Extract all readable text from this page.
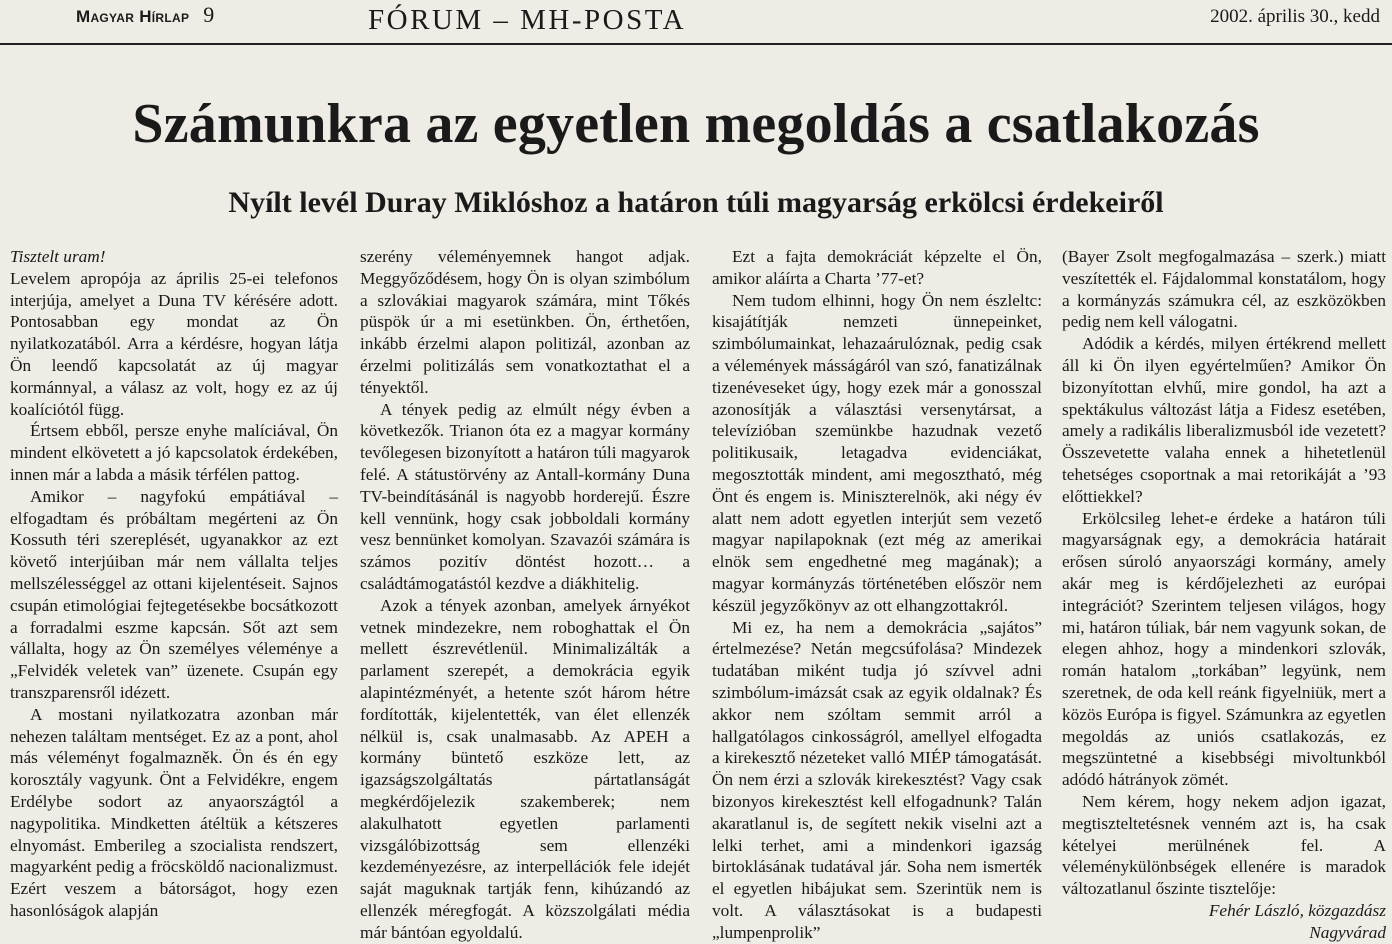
Magyar Hírlap 9	FÓRUM – MH-POSTA	2002. április 30., kedd
Számunkra az egyetlen megoldás a csatlakozás
Nyílt levél Duray Miklóshoz a határon túli magyarság erkölcsi érdekeiről

Tisztelt uram!

Levelem apropója az április 25-ei telefonos interjúja, amelyet a Duna TV kérésére adott. Pontosabban egy mondat az Ön nyilatkozatából. Arra a kérdésre, hogyan látja Ön leendő kapcsolatát az új magyar kormánnyal, a válasz az volt, hogy ez az új koalíciótól függ.

Értsem ebből, persze enyhe malíciával, Ön mindent elkövetett a jó kapcsolatok érdekében, innen már a labda a másik térfélen pattog.

Amikor – nagyfokú empátiával – elfogadtam és próbáltam megérteni az Ön Kossuth téri szereplését, ugyanakkor az ezt követő interjúiban már nem vállalta teljes mellszélességgel az ottani kijelentéseit. Sajnos csupán etimológiai fejtegetésekbe bocsátkozott a forradalmi eszme kapcsán. Sőt azt sem vállalta, hogy az Ön személyes véleménye a „Felvidék veletek van” üzenete. Csupán egy transzparensről idézett.

A mostani nyilatkozatra azonban már nehezen találtam mentséget. Ez az a pont, ahol más véleményt fogalmazněk. Ön és én egy korosztály vagyunk. Önt a Felvidékre, engem Erdélybe sodort az anyaországtól a nagypolitika. Mindketten átéltük a kétszeres elnyomást. Emberileg a szocialista rendszert, magyarként pedig a fröcsköldő nacionalizmust. Ezért veszem a bátorságot, hogy ezen hasonlóságok alapján

szerény véleményemnek hangot adjak. Meggyőződésem, hogy Ön is olyan szimbólum a szlovákiai magyarok számára, mint Tőkés püspök úr a mi esetünkben. Ön, érthetően, inkább érzelmi alapon politizál, azonban az érzelmi politizálás sem vonatkoztathat el a tényektől.

A tények pedig az elmúlt négy évben a következők. Trianon óta ez a magyar kormány tevőlegesen bizonyított a határon túli magyarok felé. A státustörvény az Antall-kormány Duna TV-beindításánál is nagyobb horderejű. Észre kell vennünk, hogy csak jobboldali kormány vesz bennünket komolyan. Szavazói számára is számos pozitív döntést hozott… a családtámogatástól kezdve a diákhitelig.

Azok a tények azonban, amelyek árnyékot vetnek mindezekre, nem roboghattak el Ön mellett észrevétlenül. Minimalizálták a parlament szerepét, a demokrácia egyik alapintézményét, a hetente szót három hétre fordították, kijelentették, van élet ellenzék nélkül is, csak unalmasabb. Az APEH a kormány büntető eszköze lett, az igazságszolgáltatás pártatlanságát megkérdőjelezik szakemberek; nem alakulhatott egyetlen parlamenti vizsgálóbizottság sem ellenzéki kezdeményezésre, az interpellációk fele idejét saját maguknak tartják fenn, kihúzandó az ellenzék méregfogát. A közszolgálati média már bántóan egyoldalú.

Ezt a fajta demokráciát képzelte el Ön, amikor aláírta a Charta ’77-et?

Nem tudom elhinni, hogy Ön nem észleltc: kisajátítják nemzeti ünnepeinket, szimbólumainkat, lehazaárulóznak, pedig csak a vélemények másságáról van szó, fanatizálnak tizenéveseket úgy, hogy ezek már a gonosszal azonosítják a választási versenytársat, a televízióban szemünkbe hazudnak vezető politikusaik, letagadva evidenciákat, megosztották mindent, ami megosztható, még Önt és engem is. Miniszterelnök, aki négy év alatt nem adott egyetlen interjút sem vezető magyar napilapoknak (ezt még az amerikai elnök sem engedhetné meg magának); a magyar kormányzás történetében először nem készül jegyzőkönyv az ott elhangzottakról.

Mi ez, ha nem a demokrácia „sajátos” értelmezése? Netán megcsúfolása? Mindezek tudatában miként tudja jó szívvel adni szimbólum-imázsát csak az egyik oldalnak? És akkor nem szóltam semmit arról a hallgatólagos cinkosságról, amellyel elfogadta a kirekesztő nézeteket valló MIÉP támogatását. Ön nem érzi a szlovák kirekesztést? Vagy csak bizonyos kirekesztést kell elfogadnunk? Talán akaratlanul is, de segített nekik viselni azt a lelki terhet, ami a mindenkori igazság birtoklásának tudatával jár. Soha nem ismerték el egyetlen hibájukat sem. Szerintük nem is volt. A választásokat is a budapesti „lumpenprolik”

(Bayer Zsolt megfogalmazása – szerk.) miatt veszítették el. Fájdalommal konstatálom, hogy a kormányzás számukra cél, az eszközökben pedig nem kell válogatni.

Adódik a kérdés, milyen értékrend mellett áll ki Ön ilyen egyértelműen? Amikor Ön bizonyítottan elvhű, mire gondol, ha azt a spektákulus változást látja a Fidesz esetében, amely a radikális liberalizmusból ide vezetett? Összevetette valaha ennek a hihetetlenül tehetséges csoportnak a mai retorikáját a ’93 előttiekkel?

Erkölcsileg lehet-e érdeke a határon túli magyarságnak egy, a demokrácia határait erősen súroló anyaországi kormány, amely akár meg is kérdőjelezheti az európai integrációt? Szerintem teljesen világos, hogy mi, határon túliak, bár nem vagyunk sokan, de elegen ahhoz, hogy a mindenkori szlovák, román hatalom „torkában” legyünk, nem szeretnek, de oda kell reánk figyelniük, mert a közös Európa is figyel. Számunkra az egyetlen megoldás az uniós csatlakozás, ez megszüntetné a kisebbségi mivoltunkból adódó hátrányok zömét.

Nem kérem, hogy nekem adjon igazat, megtiszteltetésnek venném azt is, ha csak kételyei merülnének fel. A véleménykülönbségek ellenére is maradok változatlanul őszinte tisztelője:

Fehér László, közgazdász

Nagyvárad
